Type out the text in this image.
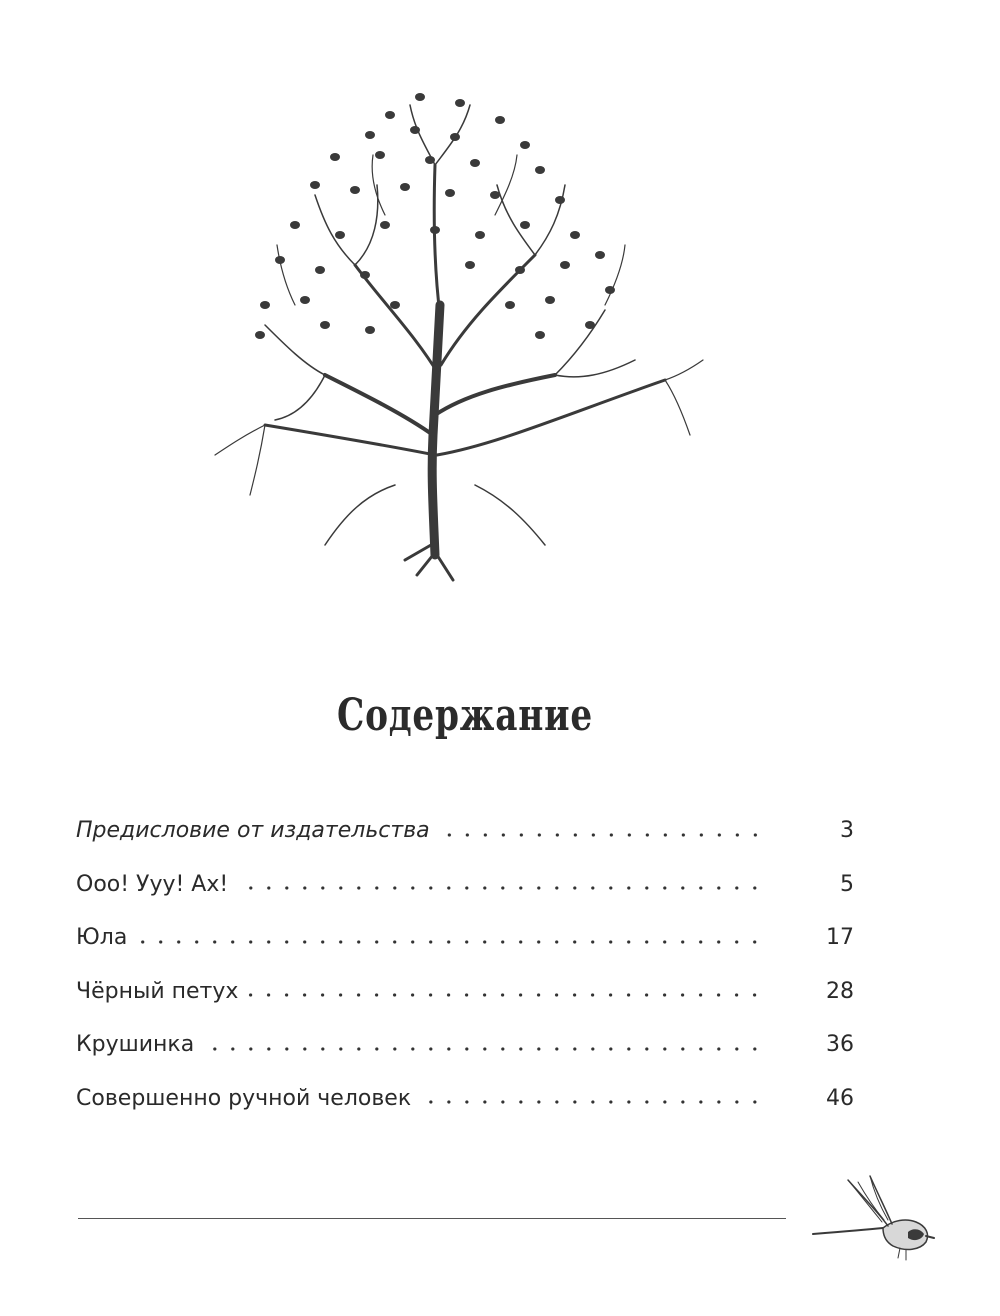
Содержание
Предисловие от издательства	3
Ооо! Ууу! Ах!	5
Юла	17
Чёрный петух	28
Крушинка	36
Совершенно ручной человек	46
